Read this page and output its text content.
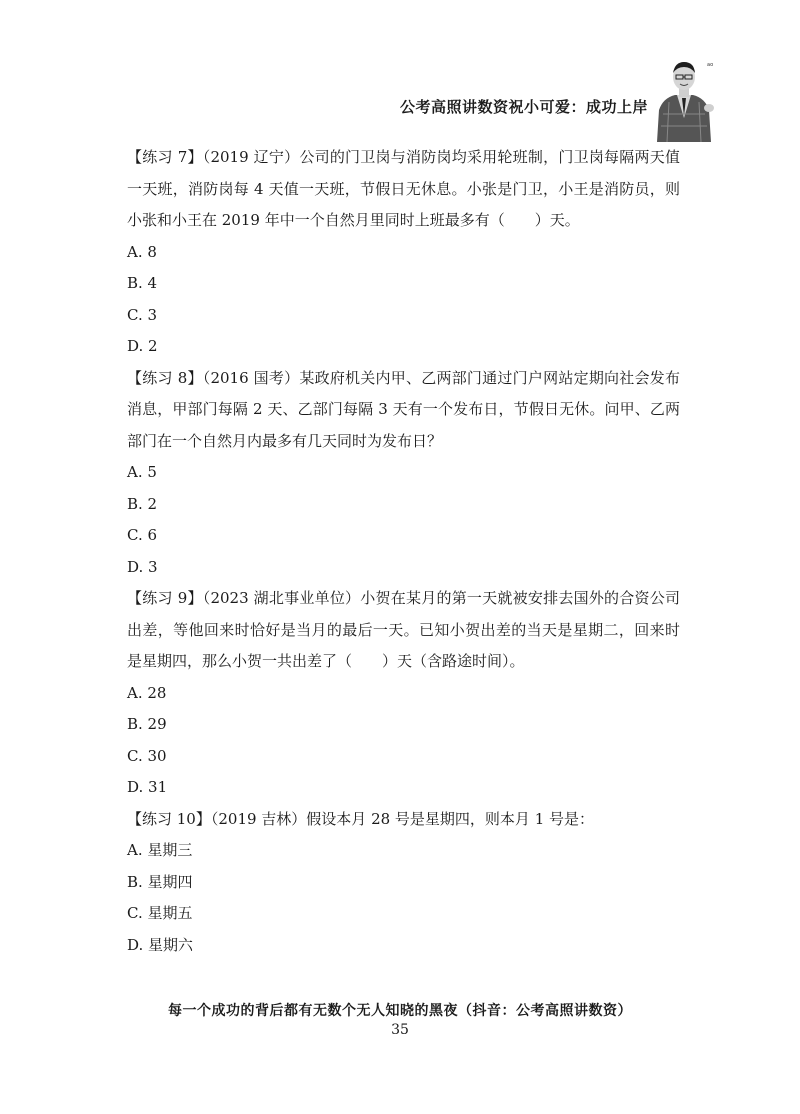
公考高照讲数资祝小可爱：成功上岸
ao

【练习 7】（2019 辽宁）公司的门卫岗与消防岗均采用轮班制，门卫岗每隔两天值一天班，消防岗每 4 天值一天班，节假日无休息。小张是门卫，小王是消防员，则小张和小王在 2019 年中一个自然月里同时上班最多有（　　）天。

A. 8

B. 4

C. 3

D. 2

【练习 8】（2016 国考）某政府机关内甲、乙两部门通过门户网站定期向社会发布消息，甲部门每隔 2 天、乙部门每隔 3 天有一个发布日，节假日无休。问甲、乙两部门在一个自然月内最多有几天同时为发布日？

A. 5

B. 2

C. 6

D. 3

【练习 9】（2023 湖北事业单位）小贺在某月的第一天就被安排去国外的合资公司出差，等他回来时恰好是当月的最后一天。已知小贺出差的当天是星期二，回来时是星期四，那么小贺一共出差了（　　）天（含路途时间）。

A. 28

B. 29

C. 30

D. 31

【练习 10】（2019 吉林）假设本月 28 号是星期四，则本月 1 号是：

A. 星期三

B. 星期四

C. 星期五

D. 星期六

每一个成功的背后都有无数个无人知晓的黑夜（抖音：公考高照讲数资）
35
